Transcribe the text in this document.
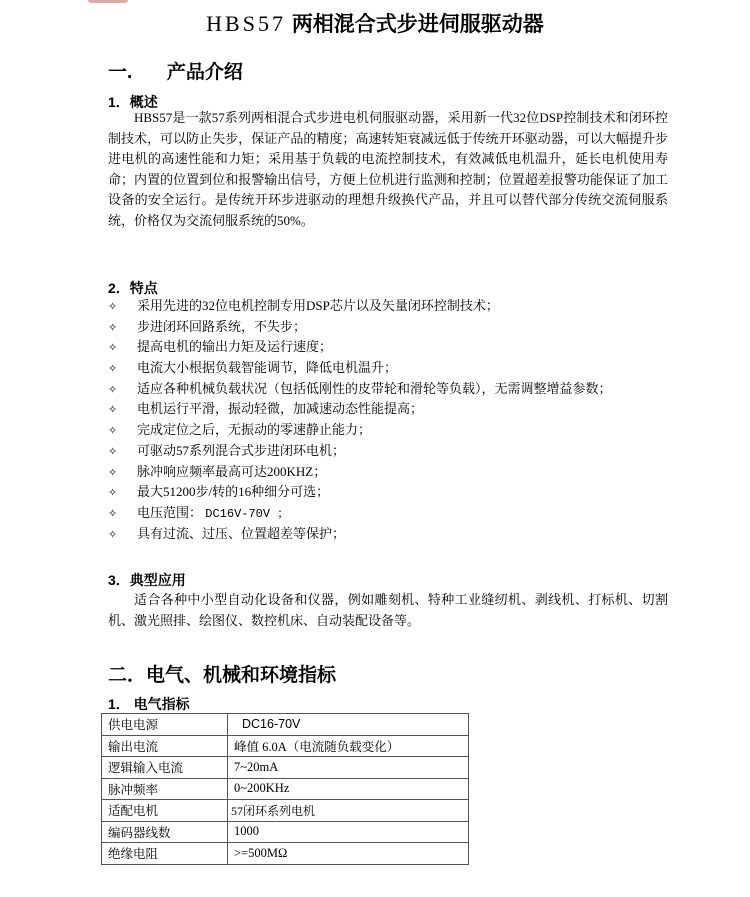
HBS57 两相混合式步进伺服驱动器
一. 产品介绍
1．概述
HBS57是一款57系列两相混合式步进电机伺服驱动器，采用新一代32位DSP控制技术和闭环控制技术，可以防止失步，保证产品的精度；高速转矩衰减远低于传统开环驱动器，可以大幅提升步进电机的高速性能和力矩；采用基于负载的电流控制技术，有效减低电机温升，延长电机使用寿命；内置的位置到位和报警输出信号，方便上位机进行监测和控制；位置超差报警功能保证了加工设备的安全运行。是传统开环步进驱动的理想升级换代产品，并且可以替代部分传统交流伺服系统，价格仅为交流伺服系统的50%。
2．特点
✧ 采用先进的32位电机控制专用DSP芯片以及矢量闭环控制技术；
✧ 步进闭环回路系统，不失步；
✧ 提高电机的输出力矩及运行速度；
✧ 电流大小根据负载智能调节，降低电机温升；
✧ 适应各种机械负载状况（包括低刚性的皮带轮和滑轮等负载），无需调整增益参数；
✧ 电机运行平滑，振动轻微，加减速动态性能提高；
✧ 完成定位之后，无振动的零速静止能力；
✧ 可驱动57系列混合式步进闭环电机；
✧ 脉冲响应频率最高可达200KHZ；
✧ 最大51200步/转的16种细分可选；
✧ 电压范围： DC16V-70V ；
✧ 具有过流、过压、位置超差等保护；
3．典型应用
适合各种中小型自动化设备和仪器，例如雕刻机、特种工业缝纫机、剥线机、打标机、切割机、激光照排、绘图仪、数控机床、自动装配设备等。
二．电气、机械和环境指标
1． 电气指标
供电电源	DC16-70V
输出电流	峰值 6.0A（电流随负载变化）
逻辑输入电流	7~20mA
脉冲频率	0~200KHz
适配电机	57闭环系列电机
编码器线数	1000
绝缘电阻	>=500MΩ
